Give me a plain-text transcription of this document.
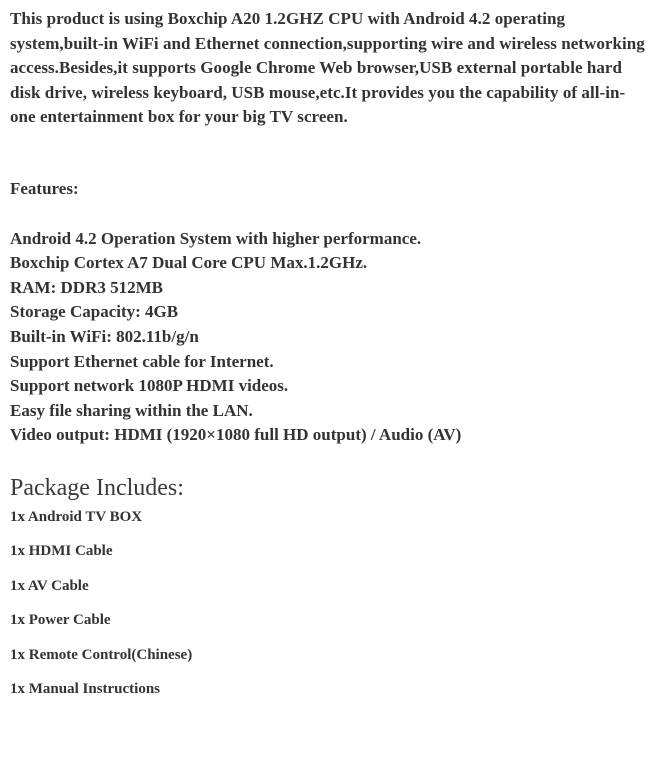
This product is using Boxchip A20 1.2GHZ CPU with Android 4.2 operating system,built-in WiFi and Ethernet connection,supporting wire and wireless networking access.Besides,it supports Google Chrome Web browser,USB external portable hard disk drive, wireless keyboard, USB mouse,etc.It provides you the capability of all-in-one entertainment box for your big TV screen.

Features:
Android 4.2 Operation System with higher performance.
Boxchip Cortex A7 Dual Core CPU Max.1.2GHz.
RAM: DDR3 512MB
Storage Capacity: 4GB
Built-in WiFi: 802.11b/g/n
Support Ethernet cable for Internet.
Support network 1080P HDMI videos.
Easy file sharing within the LAN.
Video output: HDMI (1920×1080 full HD output) / Audio (AV)
Package Includes:
1x Android TV BOX
1x HDMI Cable
1x AV Cable
1x Power Cable
1x Remote Control(Chinese)
1x Manual Instructions
